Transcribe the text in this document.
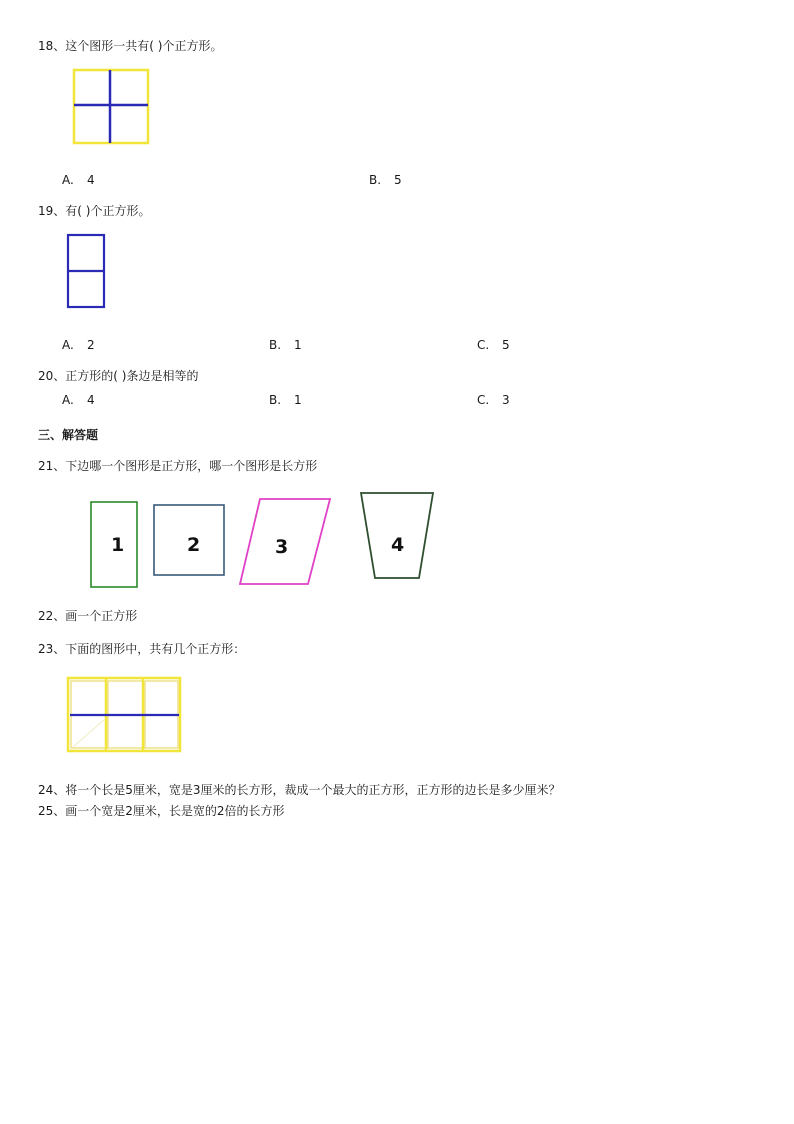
18、这个图形一共有( )个正方形。
A. 4	B. 5
19、有( )个正方形。
A. 2	B. 1	C. 5
20、正方形的( )条边是相等的
A. 4	B. 1	C. 3
三、解答题
21、下边哪一个图形是正方形，哪一个图形是长方形
1	2	3	4
22、画一个正方形
23、下面的图形中，共有几个正方形：
24、将一个长是5厘米，宽是3厘米的长方形，裁成一个最大的正方形，正方形的边长是多少厘米？
25、画一个宽是2厘米，长是宽的2倍的长方形
